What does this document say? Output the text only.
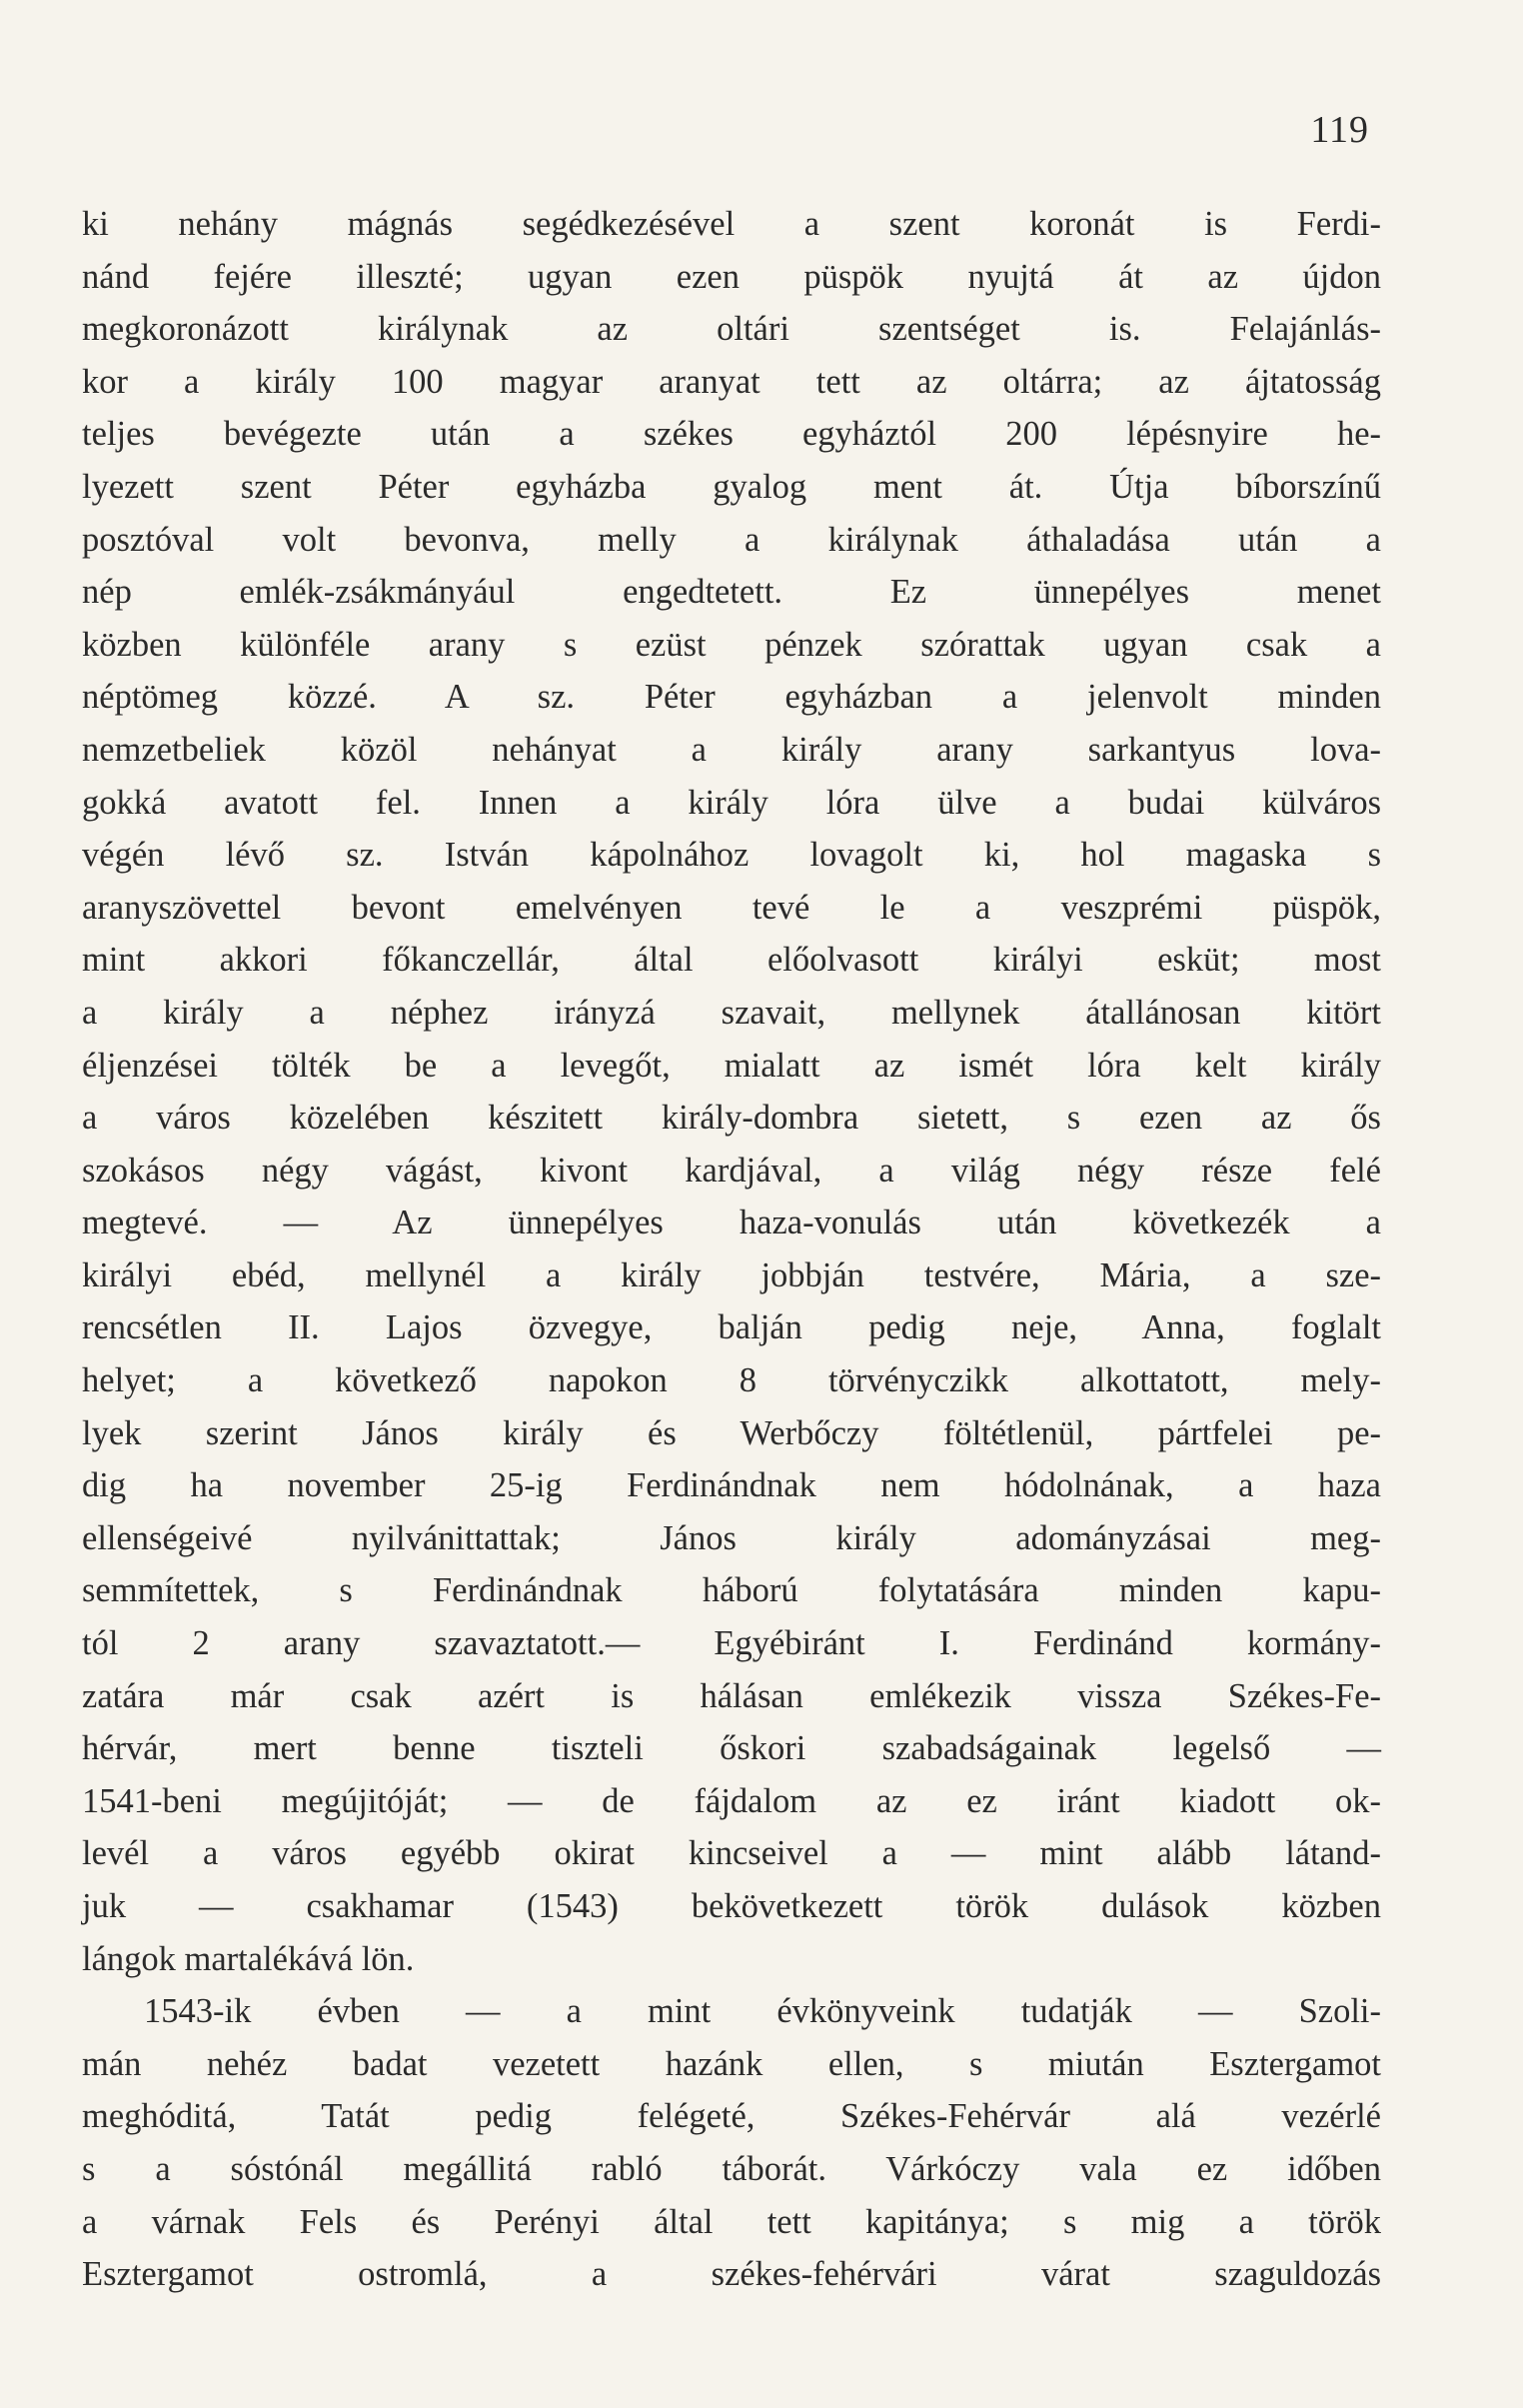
119
ki nehány mágnás segédkezésével a szent koronát is Ferdi-
nánd fejére illeszté; ugyan ezen püspök nyujtá át az újdon
megkoronázott királynak az oltári szentséget is. Felajánlás-
kor a király 100 magyar aranyat tett az oltárra; az ájtatosság
teljes bevégezte után a székes egyháztól 200 lépésnyire he-
lyezett szent Péter egyházba gyalog ment át. Útja bíborszínű
posztóval volt bevonva, melly a királynak áthaladása után a
nép emlék-zsákmányául engedtetett. Ez ünnepélyes menet
közben különféle arany s ezüst pénzek szórattak ugyan csak a
néptömeg közzé. A sz. Péter egyházban a jelenvolt minden
nemzetbeliek közöl nehányat a király arany sarkantyus lova-
gokká avatott fel. Innen a király lóra ülve a budai külváros
végén lévő sz. István kápolnához lovagolt ki, hol magaska s
aranyszövettel bevont emelvényen tevé le a veszprémi püspök,
mint akkori főkanczellár, által előolvasott királyi esküt; most
a király a néphez irányzá szavait, mellynek átallánosan kitört
éljenzései tölték be a levegőt, mialatt az ismét lóra kelt király
a város közelében készitett király-dombra sietett, s ezen az ős
szokásos négy vágást, kivont kardjával, a világ négy része felé
megtevé. — Az ünnepélyes haza-vonulás után következék a
királyi ebéd, mellynél a király jobbján testvére, Mária, a sze-
rencsétlen II. Lajos özvegye, balján pedig neje, Anna, foglalt
helyet; a következő napokon 8 törvényczikk alkottatott, mely-
lyek szerint János király és Werbőczy föltétlenül, pártfelei pe-
dig ha november 25-ig Ferdinándnak nem hódolnának, a haza
ellenségeivé nyilvánittattak; János király adományzásai meg-
semmítettek, s Ferdinándnak háború folytatására minden kapu-
tól 2 arany szavaztatott.— Egyébiránt I. Ferdinánd kormány-
zatára már csak azért is hálásan emlékezik vissza Székes-Fe-
hérvár, mert benne tiszteli őskori szabadságainak legelső —
1541-beni megújitóját; — de fájdalom az ez iránt kiadott ok-
levél a város egyébb okirat kincseivel a — mint alább látand-
juk — csakhamar (1543) bekövetkezett török dulások közben
lángok martalékává lön.
1543-ik évben — a mint évkönyveink tudatják — Szoli-
mán nehéz badat vezetett hazánk ellen, s miután Esztergamot
meghóditá, Tatát pedig felégeté, Székes-Fehérvár alá vezérlé
s a sóstónál megállitá rabló táborát. Várkóczy vala ez időben
a várnak Fels és Perényi által tett kapitánya; s mig a török
Esztergamot ostromlá, a székes-fehérvári várat szaguldozás
